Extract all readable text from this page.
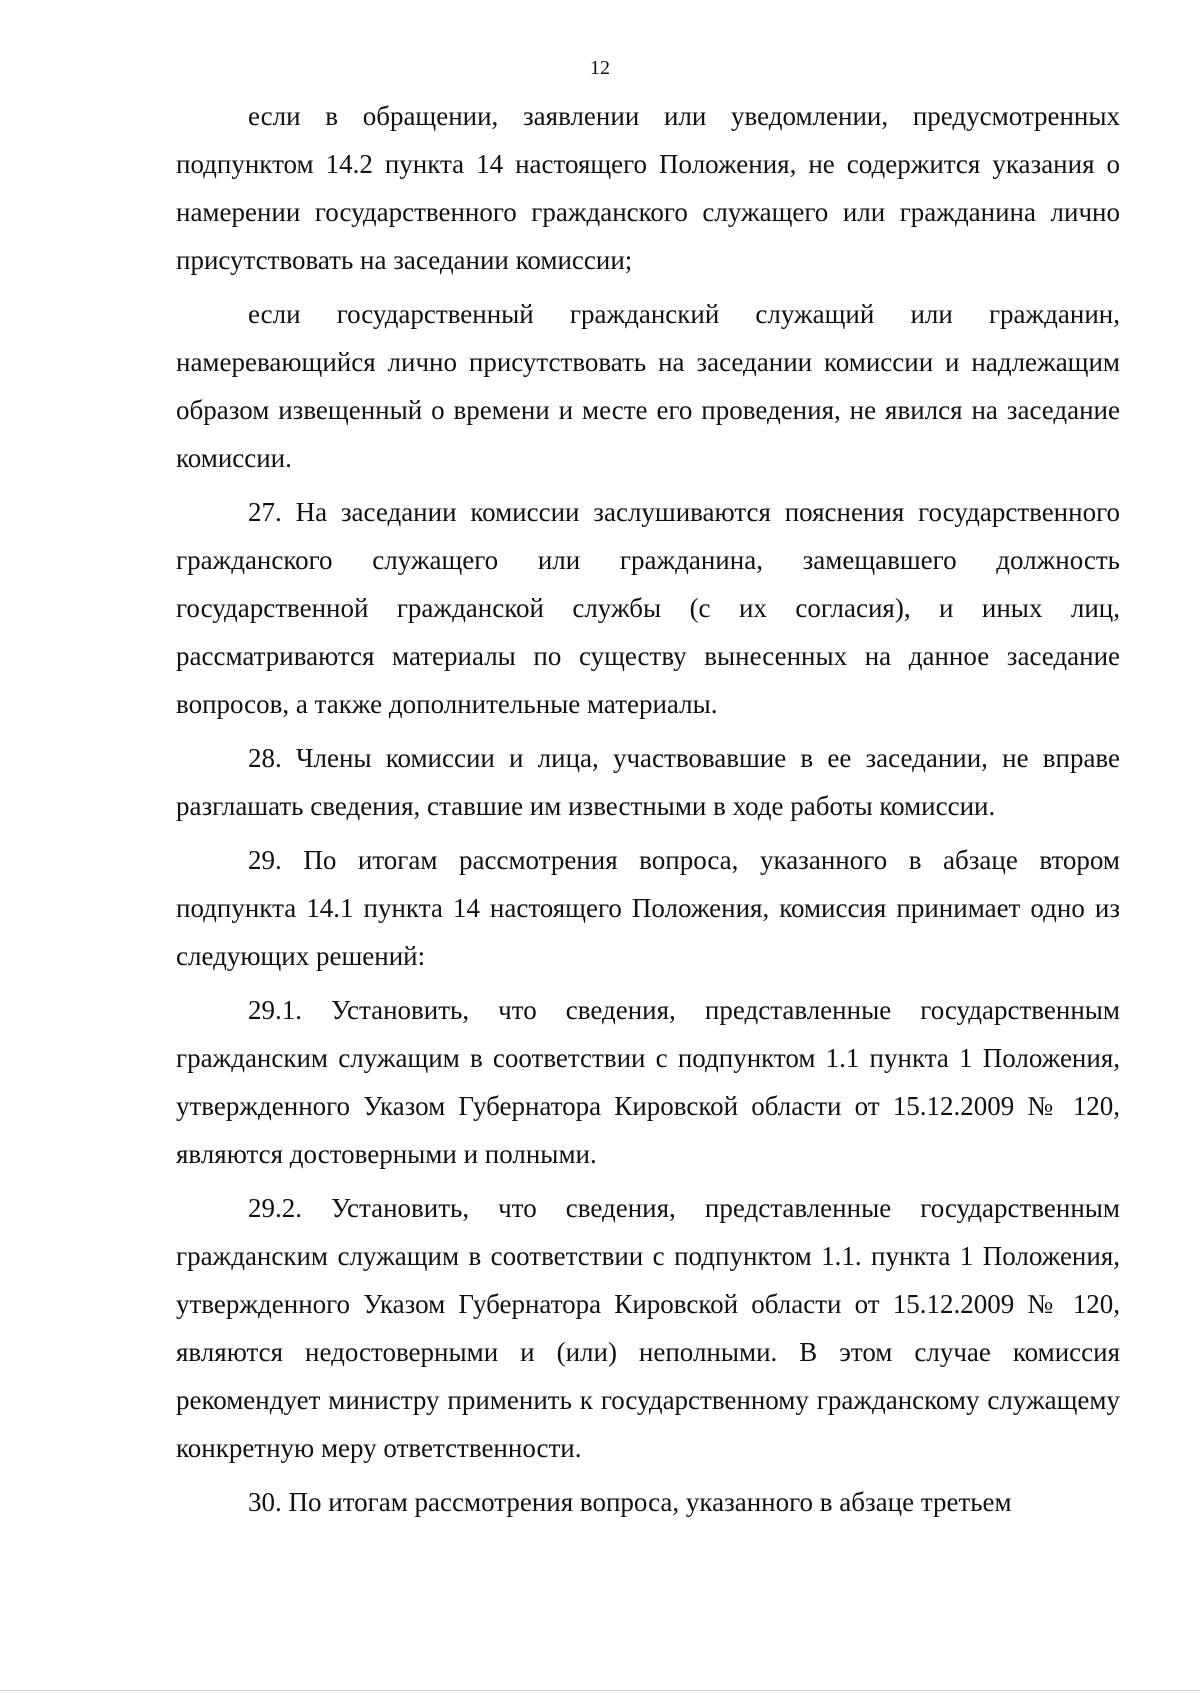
12

если в обращении, заявлении или уведомлении, предусмотренных подпунктом 14.2 пункта 14 настоящего Положения, не содержится указания о намерении государственного гражданского служащего или гражданина лично присутствовать на заседании комиссии;

если государственный гражданский служащий или гражданин, намеревающийся лично присутствовать на заседании комиссии и надлежащим образом извещенный о времени и месте его проведения, не явился на заседание комиссии.

27. На заседании комиссии заслушиваются пояснения государственного гражданского служащего или гражданина, замещавшего должность государственной гражданской службы (с их согласия), и иных лиц, рассматриваются материалы по существу вынесенных на данное заседание вопросов, а также дополнительные материалы.

28. Члены комиссии и лица, участвовавшие в ее заседании, не вправе разглашать сведения, ставшие им известными в ходе работы комиссии.

29. По итогам рассмотрения вопроса, указанного в абзаце втором подпункта 14.1 пункта 14 настоящего Положения, комиссия принимает одно из следующих решений:

29.1. Установить, что сведения, представленные государственным гражданским служащим в соответствии с подпунктом 1.1 пункта 1 Положения, утвержденного Указом Губернатора Кировской области от 15.12.2009 № 120, являются достоверными и полными.

29.2. Установить, что сведения, представленные государственным гражданским служащим в соответствии с подпунктом 1.1. пункта 1 Положения, утвержденного Указом Губернатора Кировской области от 15.12.2009 № 120, являются недостоверными и (или) неполными. В этом случае комиссия рекомендует министру применить к государственному гражданскому служащему конкретную меру ответственности.

30. По итогам рассмотрения вопроса, указанного в абзаце третьем
